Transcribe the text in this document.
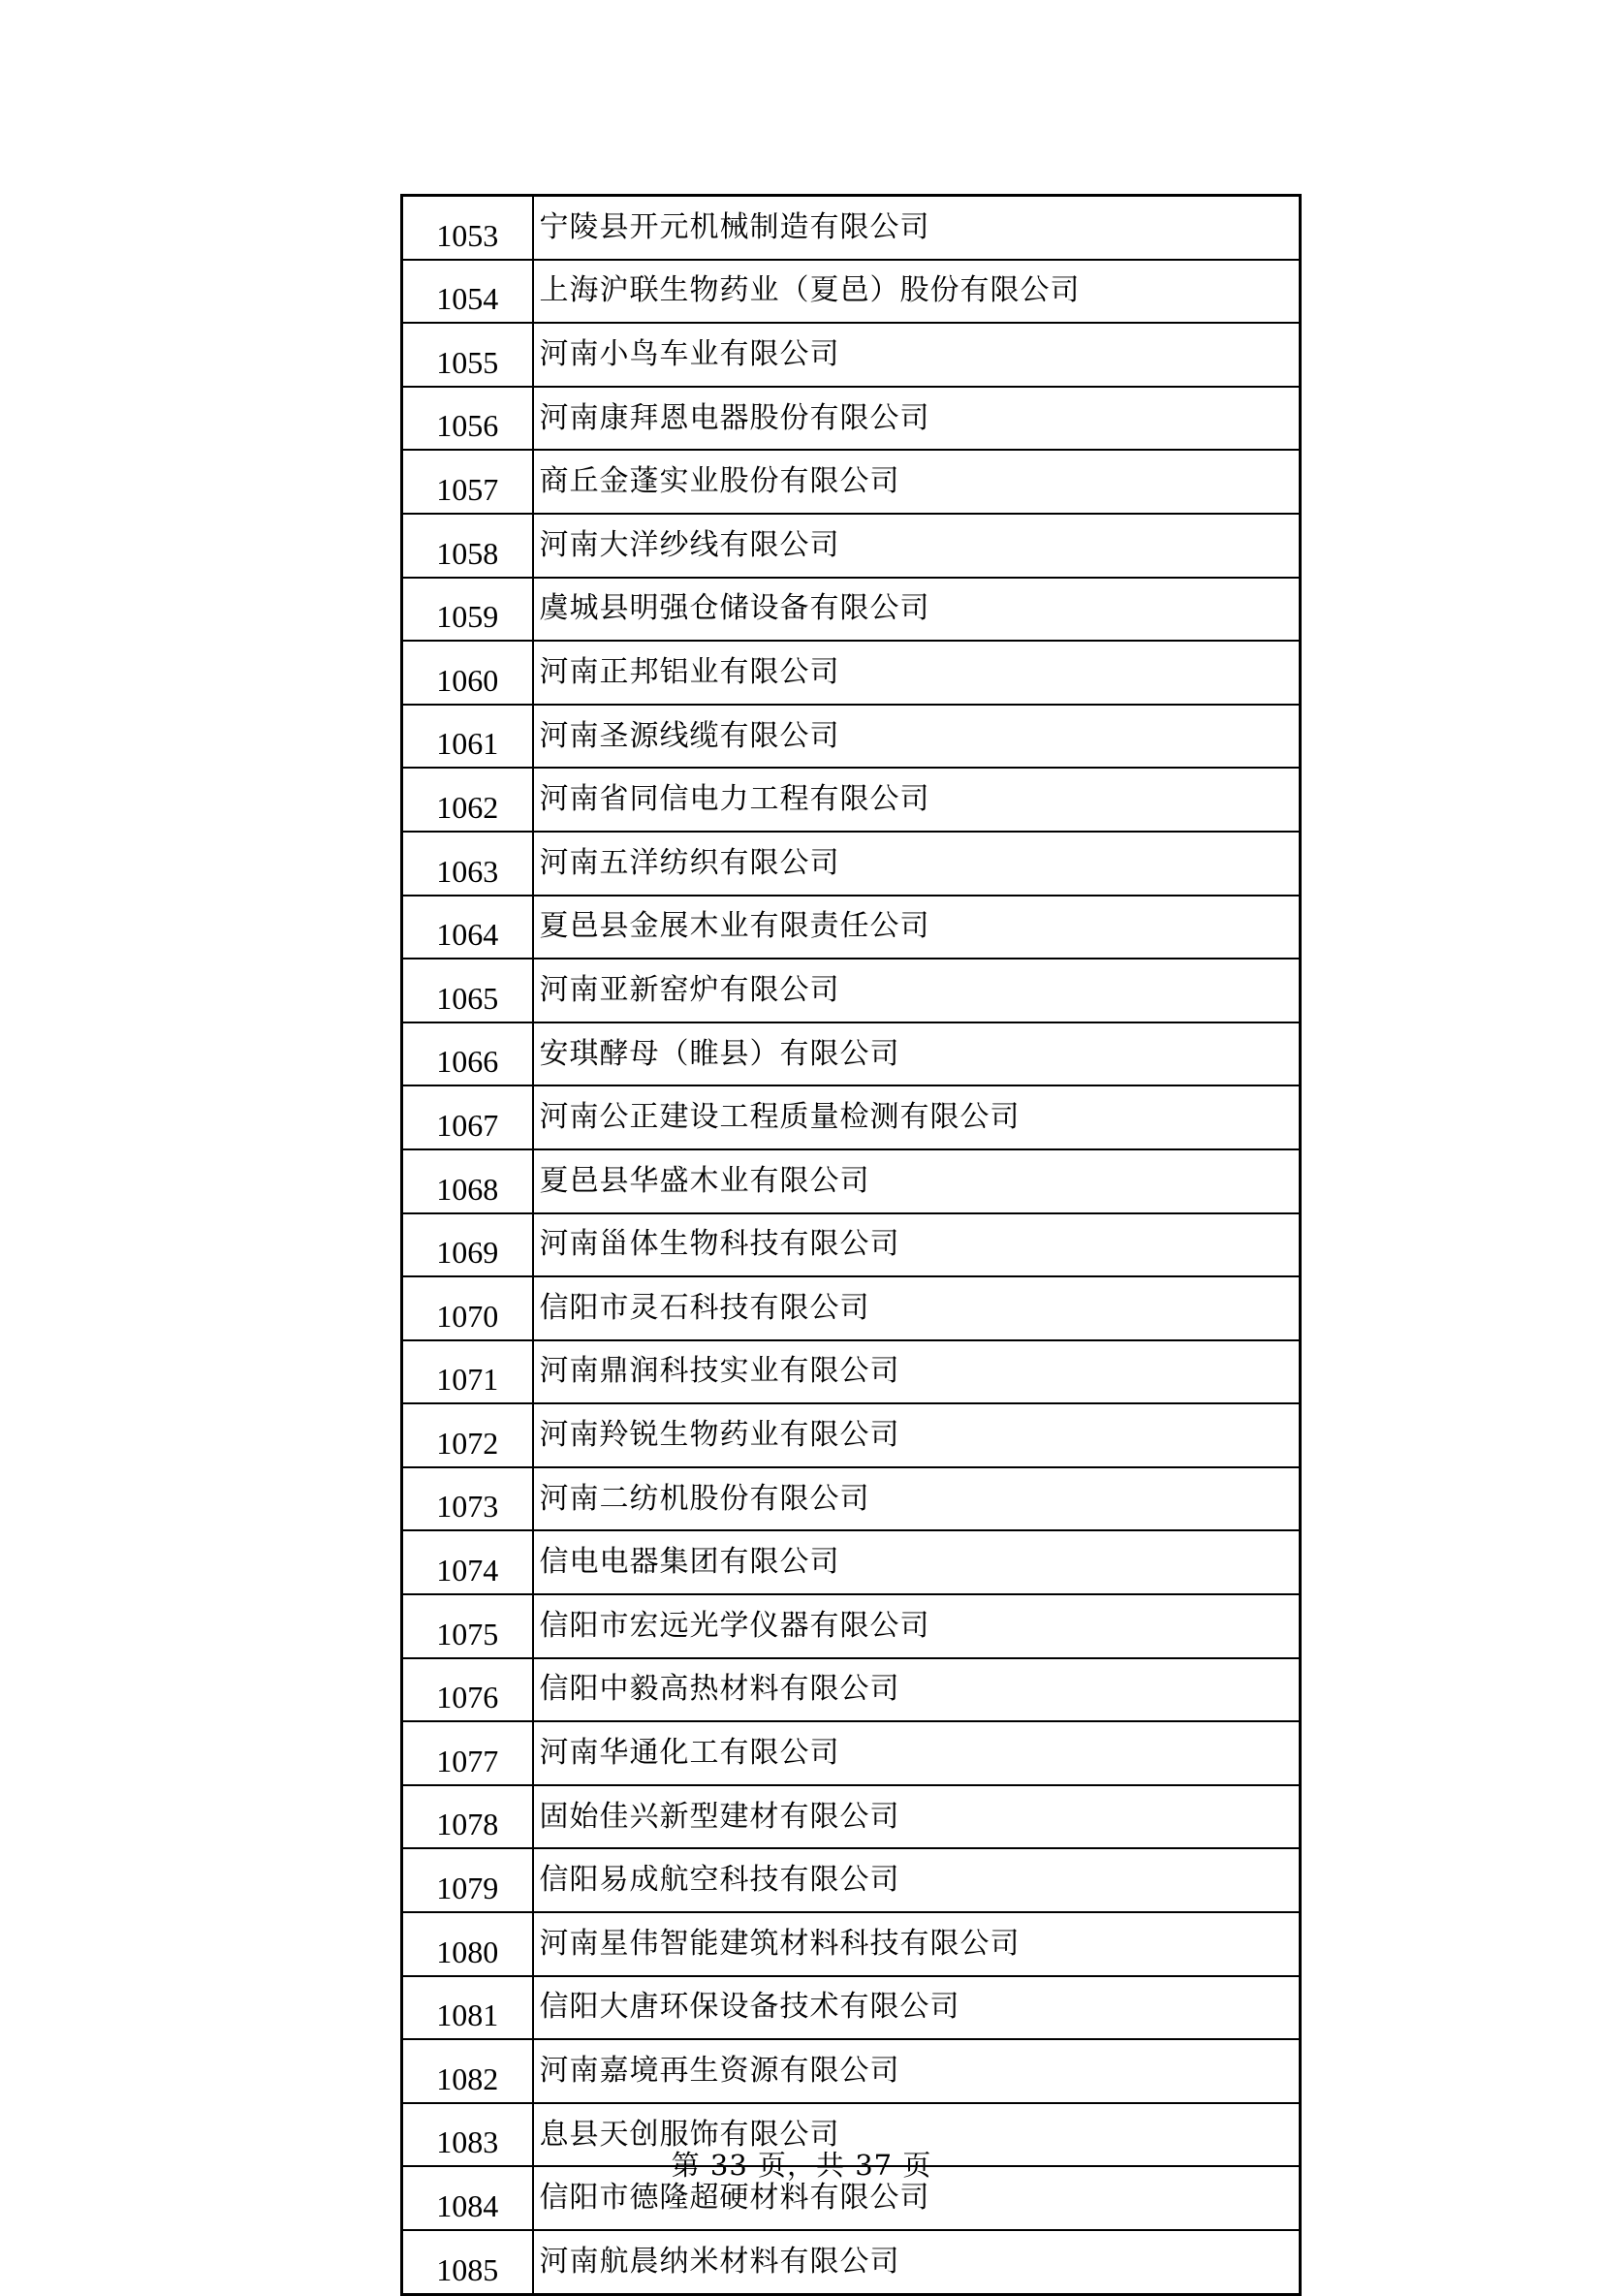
1053	宁陵县开元机械制造有限公司
1054	上海沪联生物药业（夏邑）股份有限公司
1055	河南小鸟车业有限公司
1056	河南康拜恩电器股份有限公司
1057	商丘金蓬实业股份有限公司
1058	河南大洋纱线有限公司
1059	虞城县明强仓储设备有限公司
1060	河南正邦铝业有限公司
1061	河南圣源线缆有限公司
1062	河南省同信电力工程有限公司
1063	河南五洋纺织有限公司
1064	夏邑县金展木业有限责任公司
1065	河南亚新窑炉有限公司
1066	安琪酵母（睢县）有限公司
1067	河南公正建设工程质量检测有限公司
1068	夏邑县华盛木业有限公司
1069	河南甾体生物科技有限公司
1070	信阳市灵石科技有限公司
1071	河南鼎润科技实业有限公司
1072	河南羚锐生物药业有限公司
1073	河南二纺机股份有限公司
1074	信电电器集团有限公司
1075	信阳市宏远光学仪器有限公司
1076	信阳中毅高热材料有限公司
1077	河南华通化工有限公司
1078	固始佳兴新型建材有限公司
1079	信阳易成航空科技有限公司
1080	河南星伟智能建筑材料科技有限公司
1081	信阳大唐环保设备技术有限公司
1082	河南嘉境再生资源有限公司
1083	息县天创服饰有限公司
1084	信阳市德隆超硬材料有限公司
1085	河南航晨纳米材料有限公司
第 33 页，共 37 页
